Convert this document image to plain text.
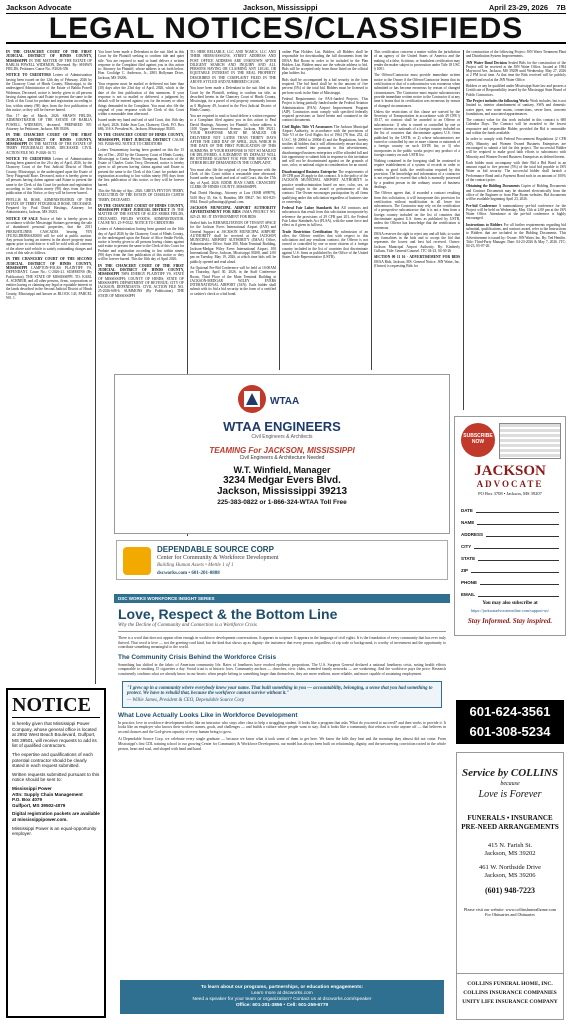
Jackson Advocate	Jackson, Mississippi	April 23-29, 2026 7B
LEGAL NOTICES/CLASSIFIEDS

IN THE CHANCERY COURT OF THE FIRST JUDICIAL DISTRICT OF HINDS COUNTY, MISSISSIPPI IN THE MATTER OF THE ESTATE OF BABLIA POWELL WIDEMON, Deceased. By: SHAWN FIELDS, Petitioner. Cause No.: P2026-356

NOTICE TO CREDITORS Letters of Administration having been issued on the 12th day of February, 2026 by the Chancery Court of Hinds County, Mississippi, to the undersigned Administrator of the Estate of Bablia Powell Widemon, Deceased, notice is hereby given to all persons having claims against said Estate to present the same to the Clerk of this Court for probate and registration according to law, within ninety (90) days from the first publication of this notice, or they will be forever barred.

This 17 day of March, 2026. SHAWN FIELDS, ADMINISTRATOR OF THE ESTATE OF BABLIA POWELL WIDEMON, deceased. PREPARED BY: Attorney for Petitioner, Jackson, MS 39206.

IN THE CHANCERY COURT OF THE FIRST JUDICIAL DISTRICT OF HINDS COUNTY, MISSISSIPPI IN THE MATTER OF THE ESTATE OF TERRY FITZGERALD ROSE, DECEASED. CIVIL ACTION FILE NO. P-2026-16 T1

NOTICE TO CREDITORS Letters of Administration having been granted on the 21st day of April, 2026, by the Chancery Court of the First Judicial District of Hinds County, Mississippi, to the undersigned upon the Estate of Terry Fitzgerald Rose, Deceased, notice is hereby given to all persons having claims against said Estate to present the same to the Clerk of this Court for probate and registration according to law within ninety (90) days from the first publication of this Notice, or they will be forever barred.

PHYLLIS M. ROSE, ADMINISTRATRIX OF THE ESTATE OF TERRY FITZGERALD ROSE, DECEASED. Prepared by: Paul David Hastings, Attorney for Administratrix, Jackson, MS 39201.

NOTICE OF SALE Notice of Sale is hereby given in accordance with the Mississippi Statutes governing the sale of abandoned personal properties, that the 2011 FREIGHTLINER CASCADIA bearing VIN 1FUJGLDR8BSAZ0000 will be sold at public auction. Any person having an interest in the above property must appear prior to said date or it will be sold with all contents of the above said vehicle to satisfy outstanding charges and costs of this sale as follows.

IN THE CHANCERY COURT OF THE SECOND JUDICIAL DISTRICT OF HINDS COUNTY, MISSISSIPPI LAMPTON-FOLKS PLAINTIFF VS. DEFENDANT. Cause No.: C-2026-21. SUMMONS (By Publication). THE STATE OF MISSISSIPPI. TO: KARL A. SCHNEIR, and all other persons, firms, corporations or entities having or claiming any legal or equitable interest in the lands described in the Second Judicial District of Hinds County, Mississippi and known as BLOCK 143, PARCEL NO. 1.

You have been made a Defendant in the suit filed in this Court by the Plaintiff seeking to confirm title and quiet title. You are required to mail or hand deliver a written response to the Complaint filed against you in this action to: Attorney for Plaintiff, whose address is set forth below. Hon. Coolidge C. Anderson, Jr., 2803 Hollyman Drive, Jackson, MS 39206.

Your response must be mailed or delivered not later than (30) days after the 23rd day of April, 2026, which is the date of the first publication of this summons. If your response is not so mailed or delivered, a judgment by default will be entered against you for the money or other things demanded in the Complaint. You must also file the original of your response with the Clerk of this Court within a reasonable time afterward.

Issued under my hand and seal of said Court, this 16th day of April, 2026. Eddie Jean Carr, Chancery Clerk. P.O. Box 686, 316 S. President St., Jackson, Mississippi 39205.

IN THE CHANCERY COURT OF HINDS COUNTY, MISSISSIPPI, FIRST JUDICIAL DISTRICT CAUSE NO. P2026-802. NOTICE TO CREDITORS

Letters Testamentary having been granted on this the 15 day of Dec., 2025 by the Chancery Court of Hinds County, Mississippi to Gretta Peyton Thompson, Executrix of the Estate of Charles Curtis Terry, Deceased, notice is hereby given to all persons having claims against said Estate to present the same to the Clerk of this Court for probate and registration according to law within ninety (90) days from the first publication of this notice, or they will be forever barred.

This the 9th day of Apr., 2026. GRETA PEYTON TERRY, EXECUTRIX OF THE ESTATE OF CHARLES CURTIS TERRY, DECEASED.

IN THE CHANCERY COURT OF HINDS COUNTY, MISSISSIPPI FIRST JUDICIAL DISTRICT IN THE MATTER OF THE ESTATE OF ALICE SMIKE FIELDS, DECEASED. FIELDS WOODS, ADMINISTRATOR. CAUSE NO. 25-P-0522. NOTICE TO CREDITORS

Letters of Administration having been granted on the 16th day of April 2026 by the Chancery Court of Hinds County, to the undersigned upon the Estate of Alice Smike Fields, notice is hereby given to all persons having claims against said estate to present the same to the Clerk of this Court for Probate and registration according to law within ninety (90) days from the first publication of this notice or they will be forever barred. This the 16th day of April 2026.

IN THE CHANCERY COURT OF THE FIRST JUDICIAL DISTRICT OF HINDS COUNTY, MISSISSIPPI TSPA ENERGY PLAINTIFF VS. STATE OF MISSISSIPPI; COUNTY OF HINDS; STATE OF MISSISSIPPI; DEPARTMENT OF REVENUE; CITY OF JACKSON, DEFENDANTS. CIVIL ACTION FILE NO. 25-2026-608-6. SUMMONS (By Publication). THE STATE OF MISSISSIPPI

TO: HEIR RELIABLE, LLC AND NGMCS, LLC AND THEIR HEIRS/ASSIGNS, STREET ADDRESS AND POST OFFICE ADDRESS ARE UNKNOWN AFTER DILIGENT SEARCH AND INQUIRY AND ALL PERSONS HAVING OR CLAIMING ANY LEGAL OR EQUITABLE INTEREST IN THE REAL PROPERTY DESCRIBED IN THE COMPLAINT FILED IN THE ABOVE STYLED AND NUMBERED CAUSE.

You have been made a Defendant in the suit filed in this Court by the Plaintiff, seeking to confirm tax title, as described herein in the Chancery Court of Hinds County, Mississippi, for a parcel of real property commonly known as 0 Highway 49, located in the First Judicial District of Hinds County.

You are required to mail or hand deliver a written response to a Complaint filed against you in this action to Paul David Hastings, Attorney for Plaintiff, whose address is 1100 Upper Greenwood Avenue, Jackson, MS 39211. YOUR RESPONSE MUST BE MAILED OR DELIVERED NOT LATER THAN THIRTY DAYS AFTER THE 23RD DAY OF APRIL, 2026, WHICH IS THE DATE OF THE FIRST PUBLICATION OF THIS SUMMONS. IF YOUR RESPONSE IS NOT SO MAILED OR DELIVERED, A JUDGMENT BY DEFAULT WILL BE ENTERED AGAINST YOU FOR THE MONEY OR OTHER RELIEF DEMANDED IN THE COMPLAINT.

You must also file the original of your Response with the Clerk of this Court within a reasonable time afterward. Issued under my hand and seal of said Court, this the 17th day of April, 2026. EDDIE JEAN CARR, CHANCERY CLERK OF HINDS COUNTY, MISSISSIPPI.

Paul David Hastings, Attorney at Law (MSB #99979), 5410 Hwy 35, Ste. 6, Brandon, MS 39047. Tel: 601-825-0944. Email: pdhastings@gmail.com.

JACKSON MUNICIPAL AIRPORT AUTHORITY ADVERTISEMENT FOR BIDS JAMA PROJECT NO. 025-25. RE: IT ENVIRONMENT FOR BIDS

Sealed bids for REHABILITATION OF TENANT SPACE for the Jackson Evers International Airport (JAN) and General Support at JACKSON MUNICIPAL AIRPORT AUTHORITY shall be received at the JACKSON MUNICIPAL AIRPORT AUTHORITY (JMAA) Office, Administrative Office, Suite 300, Main Terminal Building, Jackson-Medgar Wiley Evers International Airport, 100 International Drive, Jackson, Mississippi 39208, until 2:00 pm on Tuesday, May 19, 2026, at which time bids will be publicly opened and read aloud.

An Optional Pre-Bid Conference will be held at 10:00AM on Thursday, April 30, 2026, in the Staff Conference Room, Third Floor of the Main Terminal Building at JACKSON-MEDGAR WILEY EVERS INTERNATIONAL AIRPORT (JAN). Each bidder shall submit with its bid a bid security in the form of a certified or cashier's check or a bid bond.

online Plan Holders List. Bidders, all Bidders shall be responsible for downloading the full documents from the JMAA Bid Room in order to be included in the Plan Holders List. Bidders must use the website address to bid. Bids will be accepted only from those listed on the official plan holders list.

Bids shall be accompanied by a bid security in the form required. The bid bond shall be in the amount of five percent (5%) of the total bid. Bidders must be licensed to perform work in the State of Mississippi.

Federal Requirements for FAA-funded Projects. This Project is being partially funded under the Federal Aviation Administration (FAA) Airport Improvement Program (AIP). Contractors must comply with specified federally required provisions as listed herein and contained in the contract documents.

Civil Rights Title VI Assurances The Jackson Municipal Airport Authority, in accordance with the provisions of Title VI of the Civil Rights Act of 1964 (78 Stat. 252, 42 U.S.C. §§ 2000d to 2000d-4) and the Regulations, hereby notifies all bidders that it will affirmatively ensure that any contract entered into pursuant to this advertisement, disadvantaged business enterprises will be afforded full and fair opportunity to submit bids in response to this invitation and will not be discriminated against on the grounds of race, color, or national origin in consideration for an award.

Disadvantaged Business Enterprise The requirements of 49 CFR part 26 apply to this contract. It is the policy of the JACKSON MUNICIPAL AIRPORT AUTHORITY to practice nondiscrimination based on race, color, sex, or national origin in the award or performance of this contract. The Owner encourages participation by all firms qualifying under this solicitation regardless of business size or ownership.

Federal Fair Labor Standards Act All contracts and subcontracts that result from this solicitation incorporate by reference the provisions of 29 CFR part 201, the Federal Fair Labor Standards Act (FLSA), with the same force and effect as if given in full text.

Trade Restriction Certification By submission of an offer, the Offeror certifies that with respect to this solicitation and any resultant contract, the Offeror is not owned or controlled by one or more citizens of a foreign country included in the list of countries that discriminate against U.S. firms as published by the Office of the United States Trade Representative (USTR).

This certification concerns a matter within the jurisdiction of an agency of the United States of America and the making of a false, fictitious, or fraudulent certification may render the maker subject to prosecution under Title 18 USC § 1001.

The Offeror/Contractor must provide immediate written notice to the Owner if the Offeror/Contractor learns that its certification or that of a subcontractor was erroneous when submitted or has become erroneous by reason of changed circumstances. The Contractor must require subcontractors provide immediate written notice to the Contractor if at any time it learns that its certification was erroneous by reason of changed circumstances.

Unless the restrictions of this clause are waived by the Secretary of Transportation in accordance with 49 CFR § 30.17, no contract shall be awarded to an Offeror or subcontractor: 1) who is owned or controlled by one or more citizens or nationals of a foreign country included on the list of countries that discriminate against U.S. firms published by the USTR; or 2) whose subcontractors are owned or controlled by one or more citizens or nationals of a foreign country on such USTR list; or 3) who incorporates in the public works project any product of a foreign country on such USTR list.

Nothing contained in the foregoing shall be construed to require establishment of a system of records in order to render, in good faith, the certification required by this provision. The knowledge and information of a contractor is not required to exceed that which is normally possessed by a prudent person in the ordinary course of business dealings.

The Offeror agrees that, if awarded a contract resulting from this solicitation, it will incorporate this provision for certification without modification in all lower tier subcontracts. The Contractor may rely on the certification of a prospective subcontractor that it is not a firm from a foreign country included on the list of countries that discriminate against U.S. firms as published by USTR, unless the Offeror has knowledge that the certification is erroneous.

JMAA reserves the right to reject any and all bids, to waive any formalities in the bids and to accept the bid that represents the lowest and best bid received. Owner: Jackson Municipal Airport Authority. By: Kimberly Cullum, Title: General Counsel. JTC 04-23, 04-30-26

SECTION 00 11 16 - ADVERTISEMENT FOR BIDS JMAA Bids, Jackson, MS. General Notice. JSN Water, Inc. (Owner) is requesting Bids for

the construction of the following Project: JSN Water Treatment Plant and Distribution System Improvements.

JSN Water Bond Decision Sealed Bids for the construction of the Project will be received at the JSN Water Office, located at 1984 Maywood Ave, Jackson, MS 39209 until Wednesday, May 27, 2026 at 2 PM local time. At that time the Bids received will be publicly opened and read at the JSN Water Office.

Bidders or any be qualified under Mississippi State law and possess a Certificate of Responsibility issued by the Mississippi State Board of Public Contractors.

The Project includes the following Work: Work includes, but is not limited to, interior abandonment of sanitary, SWA and domestic water pipes, new water mains, connections, sewer lines, concrete foundations, and associated appurtenances.

The contract value for this work included in this contract is 680 Calendar Days. The Contract will be awarded to the lowest responsive and responsible Bidder, provided the Bid is reasonable and within the funds available.

In order to comply with Federal Procurement Regulations (2 CFR 200), Minority and Women Owned Business Enterprises are encouraged to submit a bid for this project. The successful Bidder will be required to make good faith efforts to subcontract with Minority and Women Owned Business Enterprises as defined herein.

Each bidder must accompany with their Bid a Bid Bond in an amount equal to five percent (5%) of the total bid payable to JSN Water as bid security. The successful bidder shall furnish a Performance Bond and a Payment Bond each in an amount of 100% of the contract price.

Obtaining the Bidding Documents Copies of Bidding Documents and Contract Documents may be obtained electronically from the office of the Engineer or from Plan Room websites. Bid documents will be available beginning April 23, 2026.

Pre-bid Conference A nonmandatory pre-bid conference for the Project will be held on Wednesday, May 13th at 2:00 pm at the JSN Water Office. Attendance at the pre-bid conference is highly encouraged.

Instructions to Bidders For all further requirements regarding bid submittal, qualifications, and contract award, refer to the Instructions to Bidders that are included in the Bidding Documents. This Advertisement is issued by: Owner: JSN Water, Inc. By: Ted Henifin. Title: Third-Party Manager. Date: 04-23-2026 & May 7, 2026. JTC: 04-23, 05-07-26

NOTICE

is hereby given that Mississippi Power Company, whose general office is located at 2992 West Beach Boulevard, Gulfport, MS 39501, will receive requests to add its list of qualified contractors.

The expertise and qualifications of each potential contractor should be clearly stated in each request submitted.

Written requests submitted pursuant to this notice should be sent to:

Mississippi Power
Attn: Supply Chain Management
P.O. Box 4079
Gulfport, MS 39502-4079

Digital registration packets are available at mississippipower.com.

Mississippi Power is an equal-opportunity employer.

WTAA
WTAA ENGINEERS
Civil Engineers & Architects
TEAMING For JACKSON, MISSISSIPPI
Civil Engineers & Architecture Needed
W.T. Winfield, Manager
3234 Medgar Evers Blvd.
Jackson, Mississippi 39213
225-383-0822 or 1-866-324-WTAA Toll Free
DEPENDABLE SOURCE CORP
Center for Community & Workforce Development
Building Human Assets • Mettle 1 of 1
dscworks.com • 601-201-0888
DSC WORKS WORKFORCE INSIGHT SERIES
Love, Respect & the Bottom Line
Why the Decline of Community and Connection is a Workforce Crisis
There is a word that does not appear often enough in workforce development conversations. It appears in scripture. It appears in the language of civil rights. It is the foundation of every community that has ever truly thrived. That word is love — not the greeting-card kind, but the kind that shows up as dignity: the insistence that every person, regardless of zip code or background, is worthy of investment and the opportunity to contribute something meaningful to the world.
The Community Crisis Behind the Workforce Crisis
Something has shifted in the fabric of American community life. Rates of loneliness have reached epidemic proportions. The U.S. Surgeon General declared a national loneliness crisis, noting health effects comparable to smoking 15 cigarettes a day. Social trust is at historic lows. Community anchors — churches, civic clubs, extended family networks — are weakening. And the workforce pays the price. Research consistently confirms what we already know in our hearts: when people belong to something larger than themselves, they are more resilient, more reliable, and more capable of sustaining employment.
"I grew up in a community where everybody knew your name. That built something in you — accountability, belonging, a sense that you had something to protect. We have to rebuild that, because the workforce cannot survive without it."
— Willie James, President & CEO, Dependable Source Corp
What Love Actually Looks Like in Workforce Development
In practice, love in workforce development looks like an instructor who stays after class to help a struggling student. It looks like a program that asks 'What do you need to succeed?' and then works to provide it. It looks like an employer who knows their workers' names, goals, and challenges — and builds a culture where people want to stay. And it looks like a community that refuses to write anyone off — that believes in second chances and the God-given capacity of every human being to grow.
At Dependable Source Corp, we celebrate every single graduate — because we know what it took some of them to get here. We know the bills they beat and the mornings they almost did not come. From Mississippi's first CDL training school to our growing Center for Community & Workforce Development, our model has always been built on relationship, dignity, and the unwavering conviction rooted in the whole person, heart and soul, and shaped with head and hand.
To learn about our programs, partnerships, or education engagements:
Learn more at dscworks.com
Need a speaker for your team or organization? Contact us at dscworks.com/speaker
Office: 601-201-3856 • Cell: 601-259-6779
SUBSCRIBE NOW
JACKSON
ADVOCATE
PO Box 3708 • Jackson, MS 39207
DATE
NAME
ADDRESS
CITY
STATE
ZIP
PHONE
EMAIL
You may also subscribe at
https://jacksonadvocateonline.com/support-us/
Stay Informed. Stay inspired.
601-624-3561
601-308-5234
Service by COLLINS
because
Love is Forever
FUNERALS • INSURANCE
PRE-NEED ARRANGEMENTS
415 N. Farish St.
Jackson, MS 39202
461 W. Northside Drive
Jackson, MS 39206
(601) 948-7223
Please visit our website: www.collinsfuneralhome.com
For Obituaries and Obituaries
COLLINS FUNERAL HOME, INC.
COLLINS INSURANCE COMPANIES
UNITY LIFE INSURANCE COMPANY
